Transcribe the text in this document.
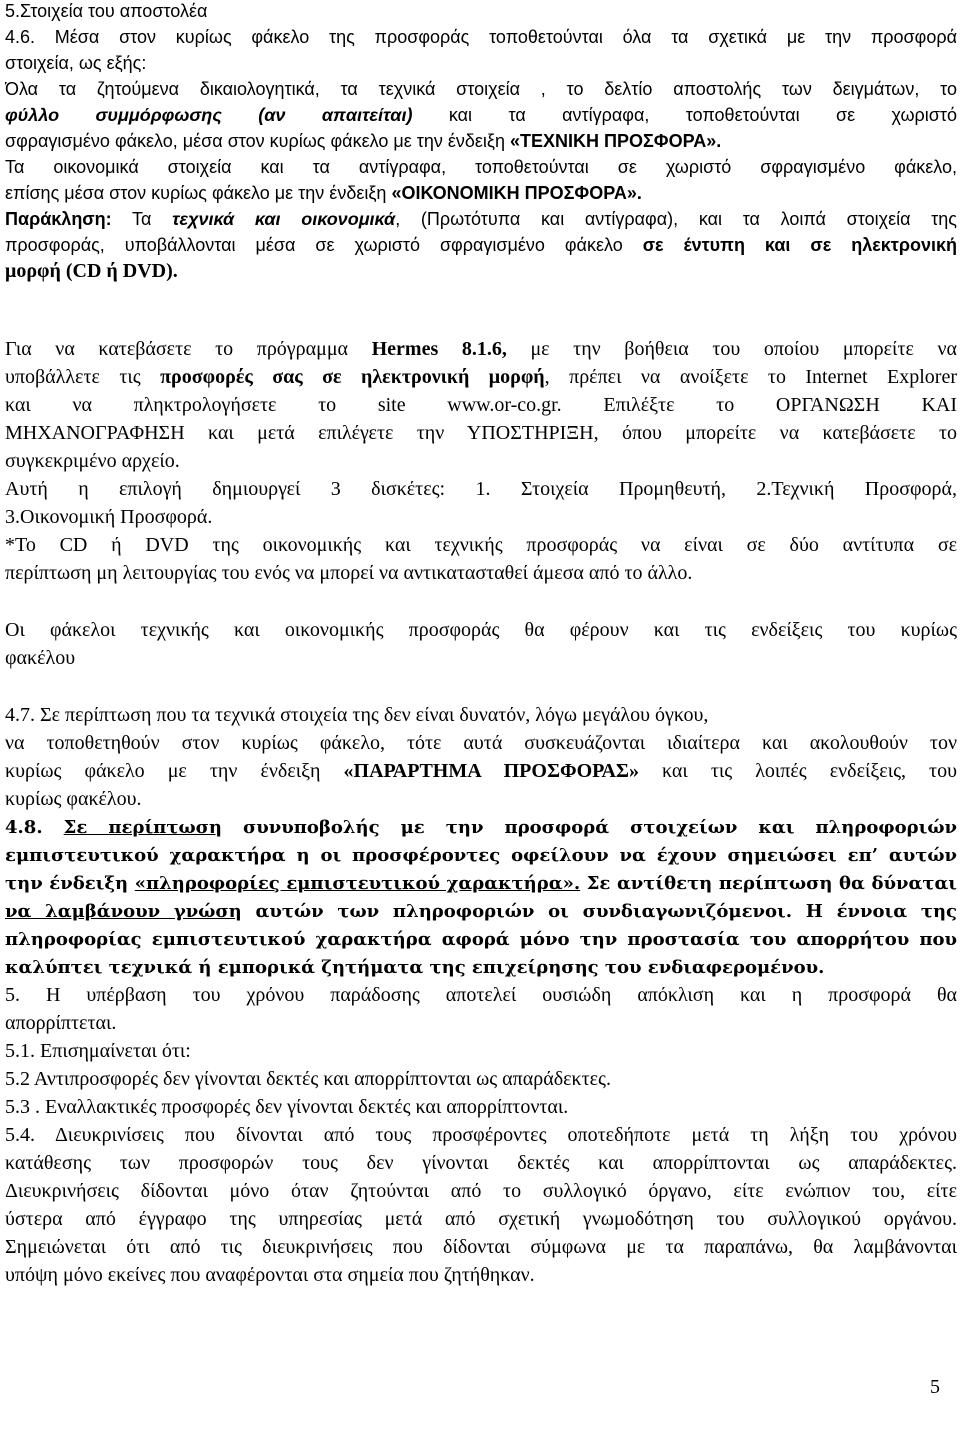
5.Στοιχεία του αποστολέα
4.6. Μέσα στον κυρίως φάκελο της προσφοράς τοποθετούνται όλα τα σχετικά με την προσφορά
στοιχεία, ως εξής:
Όλα τα ζητούμενα δικαιολογητικά, τα τεχνικά στοιχεία , το δελτίο αποστολής των δειγμάτων, το
φύλλο συμμόρφωσης (αν απαιτείται) και τα αντίγραφα, τοποθετούνται σε χωριστό
σφραγισμένο φάκελο, μέσα στον κυρίως φάκελο με την ένδειξη «ΤΕΧΝΙΚΗ ΠΡΟΣΦΟΡΑ».
Τα οικονομικά στοιχεία και τα αντίγραφα, τοποθετούνται σε χωριστό σφραγισμένο φάκελο,
επίσης μέσα στον κυρίως φάκελο με την ένδειξη «ΟΙΚΟΝΟΜΙΚΗ ΠΡΟΣΦΟΡΑ».
Παράκληση: Τα τεχνικά και οικονομικά, (Πρωτότυπα και αντίγραφα), και τα λοιπά στοιχεία της
προσφοράς, υποβάλλονται μέσα σε χωριστό σφραγισμένο φάκελο σε έντυπη και σε ηλεκτρονική
μορφή (CD ή DVD).
Για να κατεβάσετε το πρόγραμμα Hermes 8.1.6, με την βοήθεια του οποίου μπορείτε να
υποβάλλετε τις προσφορές σας σε ηλεκτρονική μορφή, πρέπει να ανοίξετε το Internet Explorer
και να πληκτρολογήσετε το site www.or-co.gr. Επιλέξτε το ΟΡΓΑΝΩΣΗ ΚΑΙ
ΜΗΧΑΝΟΓΡΑΦΗΣΗ και μετά επιλέγετε την ΥΠΟΣΤΗΡΙΞΗ, όπου μπορείτε να κατεβάσετε το
συγκεκριμένο αρχείο.
Αυτή η επιλογή δημιουργεί 3 δισκέτες: 1. Στοιχεία Προμηθευτή, 2.Τεχνική Προσφορά,
3.Οικονομική Προσφορά.
*Το CD ή DVD της οικονομικής και τεχνικής προσφοράς να είναι σε δύο αντίτυπα σε
περίπτωση μη λειτουργίας του ενός να μπορεί να αντικατασταθεί άμεσα από το άλλο.
Οι φάκελοι τεχνικής και οικονομικής προσφοράς θα φέρουν και τις ενδείξεις του κυρίως
φακέλου
4.7. Σε περίπτωση που τα τεχνικά στοιχεία της δεν είναι δυνατόν, λόγω μεγάλου όγκου,
να τοποθετηθούν στον κυρίως φάκελο, τότε αυτά συσκευάζονται ιδιαίτερα και ακολουθούν τον
κυρίως φάκελο με την ένδειξη «ΠΑΡΑΡΤΗΜΑ ΠΡΟΣΦΟΡΑΣ» και τις λοιπές ενδείξεις, του
κυρίως φακέλου.
4.8. Σε περίπτωση συνυποβολής με την προσφορά στοιχείων και πληροφοριών
εμπιστευτικού χαρακτήρα η οι προσφέροντες οφείλουν να έχουν σημειώσει επ’ αυτών
την ένδειξη «πληροφορίες εμπιστευτικού χαρακτήρα». Σε αντίθετη περίπτωση θα δύναται
να λαμβάνουν γνώση αυτών των πληροφοριών οι συνδιαγωνιζόμενοι. Η έννοια της
πληροφορίας εμπιστευτικού χαρακτήρα αφορά μόνο την προστασία του απορρήτου που
καλύπτει τεχνικά ή εμπορικά ζητήματα της επιχείρησης του ενδιαφερομένου.
5. Η υπέρβαση του χρόνου παράδοσης αποτελεί ουσιώδη απόκλιση και η προσφορά θα
απορρίπτεται.
5.1. Επισημαίνεται ότι:
5.2 Αντιπροσφορές δεν γίνονται δεκτές και απορρίπτονται ως απαράδεκτες.
5.3 . Εναλλακτικές προσφορές δεν γίνονται δεκτές και απορρίπτονται.
5.4. Διευκρινίσεις που δίνονται από τους προσφέροντες οποτεδήποτε μετά τη λήξη του χρόνου
κατάθεσης των προσφορών τους δεν γίνονται δεκτές και απορρίπτονται ως απαράδεκτες.
Διευκρινήσεις δίδονται μόνο όταν ζητούνται από το συλλογικό όργανο, είτε ενώπιον του, είτε
ύστερα από έγγραφο της υπηρεσίας μετά από σχετική γνωμοδότηση του συλλογικού οργάνου.
Σημειώνεται ότι από τις διευκρινήσεις που δίδονται σύμφωνα με τα παραπάνω, θα λαμβάνονται
υπόψη μόνο εκείνες που αναφέρονται στα σημεία που ζητήθηκαν.
5
